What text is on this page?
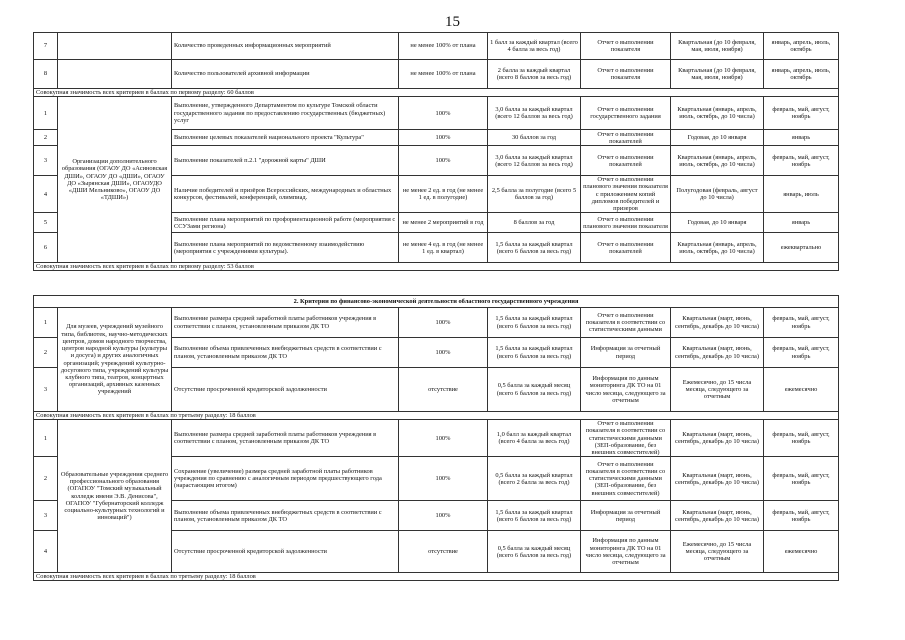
15
7		Количество проведенных информационных мероприятий	не менее 100% от плана	1 балл за каждый квартал (всего 4 балла за весь год)	Отчет о выполнении показателя	Квартальная (до 10 февраля, мая, июля, ноября)	январь, апрель, июль, октябрь
8		Количество пользователей архивной информации	не менее 100% от плана	2 балла за каждый квартал (всего 8 баллов за весь год)	Отчет о выполнении показателя	Квартальная (до 10 февраля, мая, июля, ноября)	январь, апрель, июль, октябрь
Совокупная значимость всех критериев в баллах по первому разделу: 60 баллов							
1	Организации дополнительного образования (ОГАОУ ДО «Асиновская ДШИ», ОГАОУ ДО «ДШИ», ОГАОУ ДО «Зырянская ДШИ», ОГАОУДО «ДШИ Мельниково», ОГАОУ ДО «ТДШИ»)	Выполнение, утвержденного Департаментом по культуре Томской области государственного задания по предоставлению государственных (бюджетных) услуг	100%	3,0 балла за каждый квартал (всего 12 баллов за весь год)	Отчет о выполнении государственного задания	Квартальная (январь, апрель, июль, октябрь, до 10 числа)	февраль, май, август, ноябрь
2		Выполнение целевых показателей национального проекта "Культура"	100%	30 баллов за год	Отчет о выполнении показателей	Годовая, до 10 января	январь
3		Выполнение показателей п.2.1 "дорожной карты" ДШИ	100%	3,0 балла за каждый квартал (всего 12 баллов за весь год)	Отчет о выполнении показателей	Квартальная (январь, апрель, июль, октябрь, до 10 числа)	февраль, май, август, ноябрь
4		Наличие победителей и призёров Всероссийских, международных и областных конкурсов, фестивалей, конференций, олимпиад.	не менее 2 ед. в год (не менее 1 ед. в полугодие)	2,5 балла за полугодие (всего 5 баллов за год)	Отчет о выполнении планового значения показателя с приложением копий дипломов победителей и призеров	Полугодовая (февраль, август до 10 числа)	январь, июль
5		Выполнение плана мероприятий по профориентационной работе (мероприятия с ССУЗами региона)	не менее 2 мероприятий в год	8 баллов за год	Отчет о выполнении планового значения показателя	Годовая, до 10 января	январь
6		Выполнение плана мероприятий по ведомственному взаимодействию (мероприятия с учреждениями культуры).	не менее 4 ед. в год (не менее 1 ед. в квартал)	1,5 балла за каждый квартал (всего 6 баллов за весь год)	Отчет о выполнении показателей	Квартальная (январь, апрель, июль, октябрь, до 10 числа)	ежеквартально
Совокупная значимость всех критериев в баллах по первому разделу: 53 баллов							
2. Критерии по финансово-экономической деятельности областного государственного учреждения							
1	Для музеев, учреждений музейного типа, библиотек, научно-методических центров, домов народного творчества, центров народной культуры (культуры и досуга) и других аналогичных организаций; учреждений культурно-досугового типа, учреждений культуры клубного типа, театров, концертных организаций, архивных казенных учреждений	Выполнение размера средней заработной платы работников учреждения в соответствии с планом, установленным приказом ДК ТО	100%	1,5 балла за каждый квартал (всего 6 баллов за весь год)	Отчет о выполнении показателя в соответствии со статистическими данными	Квартальная (март, июнь, сентябрь, декабрь до 10 числа)	февраль, май, август, ноябрь
2		Выполнение объема привлеченных внебюджетных средств в соответствии с планом, установленным приказом ДК ТО	100%	1,5 балла за каждый квартал (всего 6 баллов за весь год)	Информация за отчетный период	Квартальная (март, июнь, сентябрь, декабрь до 10 числа)	февраль, май, август, ноябрь
3		Отсутствие просроченной кредиторской задолженности	отсутствие	0,5 балла за каждый месяц (всего 6 баллов за весь год)	Информация по данным мониторинга ДК ТО на 01 число месяца, следующего за отчетным	Ежемесячно, до 15 числа месяца, следующего за отчетным	ежемесячно
Совокупная значимость всех критериев в баллах по третьему разделу: 18 баллов							
1	Образовательные учреждения среднего профессионального образования (ОГАПОУ "Томский музыкальный колледж имени Э.В. Денисова", ОГАПОУ "Губернаторский колледж социально-культурных технологий и инноваций")	Выполнение размера средней заработной платы работников учреждения в соответствии с планом, установленным приказом ДК ТО	100%	1,0 балл за каждый квартал (всего 4 балла за весь год)	Отчет о выполнении показателя в соответствии со статистическими данными (ЗЕП-образование, без внешних совместителей)	Квартальная (март, июнь, сентябрь, декабрь до 10 числа)	февраль, май, август, ноябрь
2		Сохранение (увеличение) размера средней заработной платы работников учреждения по сравнению с аналогичным периодом предшествующего года (нарастающим итогом)	100%	0,5 балла за каждый квартал (всего 2 балла за весь год)	Отчет о выполнении показателя в соответствии со статистическими данными (ЗЕП-образование, без внешних совместителей)	Квартальная (март, июнь, сентябрь, декабрь до 10 числа)	февраль, май, август, ноябрь
3		Выполнение объема привлеченных внебюджетных средств в соответствии с планом, установленным приказом ДК ТО	100%	1,5 балла за каждый квартал (всего 6 баллов за весь год)	Информация за отчетный период	Квартальная (март, июнь, сентябрь, декабрь до 10 числа)	февраль, май, август, ноябрь
4		Отсутствие просроченной кредиторской задолженности	отсутствие	0,5 балла за каждый месяц (всего 6 баллов за весь год)	Информация по данным мониторинга ДК ТО на 01 число месяца, следующего за отчетным	Ежемесячно, до 15 числа месяца, следующего за отчетным	ежемесячно
Совокупная значимость всех критериев в баллах по третьему разделу: 18 баллов							
